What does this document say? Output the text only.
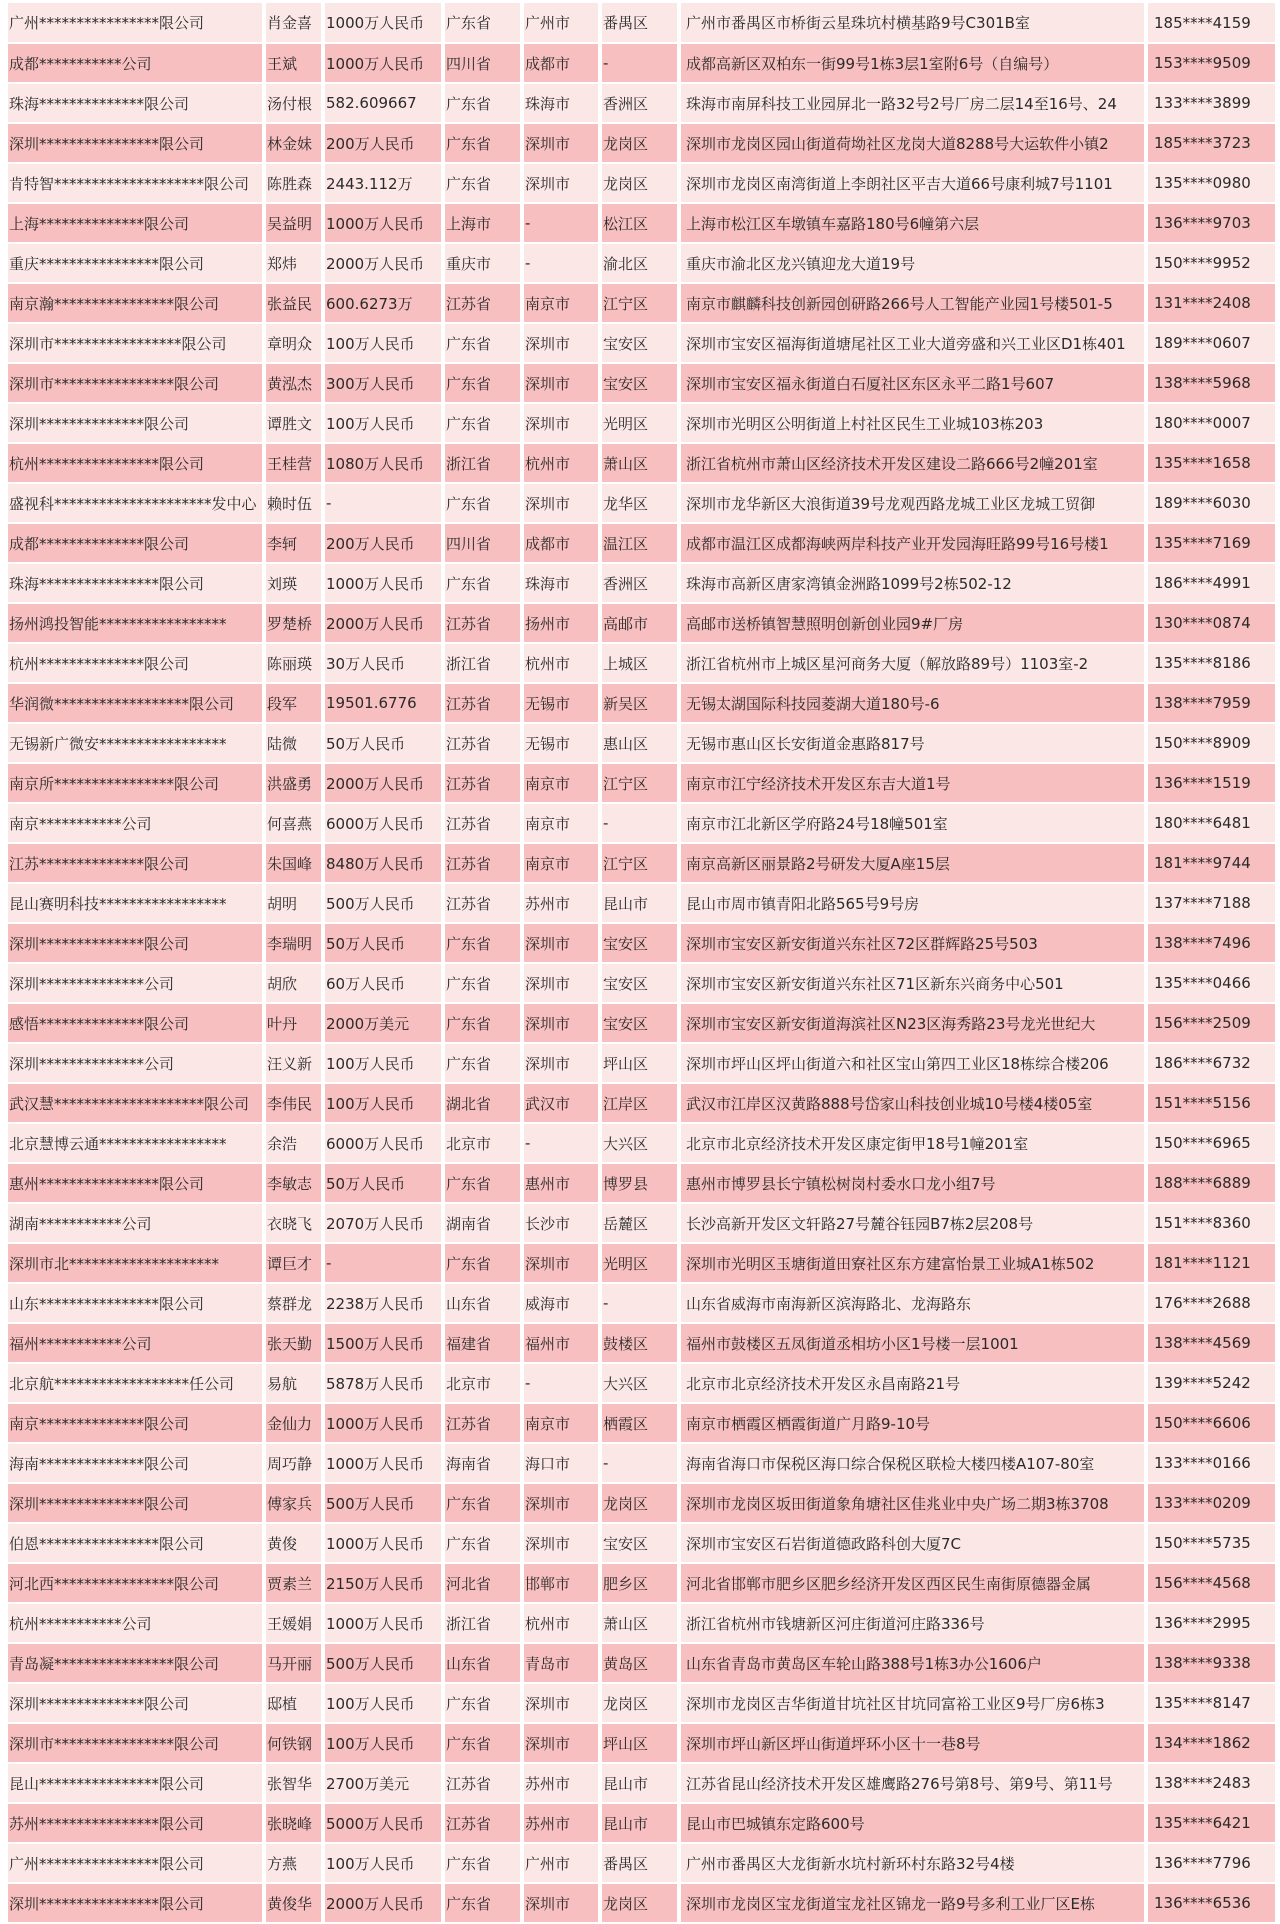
广州****************限公司	肖金喜	1000万人民币	广东省	广州市	番禺区	广州市番禺区市桥街云星珠坑村横基路9号C301B室	185****4159
成都***********公司	王斌	1000万人民币	四川省	成都市	-	成都高新区双柏东一街99号1栋3层1室附6号（自编号）	153****9509
珠海**************限公司	汤付根	582.609667	广东省	珠海市	香洲区	珠海市南屏科技工业园屏北一路32号2号厂房二层14至16号、24	133****3899
深圳****************限公司	林金妹	200万人民币	广东省	深圳市	龙岗区	深圳市龙岗区园山街道荷坳社区龙岗大道8288号大运软件小镇2	185****3723
肯特智********************限公司	陈胜森	2443.112万	广东省	深圳市	龙岗区	深圳市龙岗区南湾街道上李朗社区平吉大道66号康利城7号1101	135****0980
上海**************限公司	吴益明	1000万人民币	上海市	-	松江区	上海市松江区车墩镇车嘉路180号6幢第六层	136****9703
重庆****************限公司	郑炜	2000万人民币	重庆市	-	渝北区	重庆市渝北区龙兴镇迎龙大道19号	150****9952
南京瀚****************限公司	张益民	600.6273万	江苏省	南京市	江宁区	南京市麒麟科技创新园创研路266号人工智能产业园1号楼501-5	131****2408
深圳市*****************限公司	章明众	100万人民币	广东省	深圳市	宝安区	深圳市宝安区福海街道塘尾社区工业大道旁盛和兴工业区D1栋401	189****0607
深圳市****************限公司	黄泓杰	300万人民币	广东省	深圳市	宝安区	深圳市宝安区福永街道白石厦社区东区永平二路1号607	138****5968
深圳**************限公司	谭胜文	100万人民币	广东省	深圳市	光明区	深圳市光明区公明街道上村社区民生工业城103栋203	180****0007
杭州****************限公司	王桂营	1080万人民币	浙江省	杭州市	萧山区	浙江省杭州市萧山区经济技术开发区建设二路666号2幢201室	135****1658
盛视科*********************发中心	赖时伍	-	广东省	深圳市	龙华区	深圳市龙华新区大浪街道39号龙观西路龙城工业区龙城工贸御	189****6030
成都**************限公司	李轲	200万人民币	四川省	成都市	温江区	成都市温江区成都海峡两岸科技产业开发园海旺路99号16号楼1	135****7169
珠海****************限公司	刘瑛	1000万人民币	广东省	珠海市	香洲区	珠海市高新区唐家湾镇金洲路1099号2栋502-12	186****4991
扬州鸿投智能*****************	罗楚桥	2000万人民币	江苏省	扬州市	高邮市	高邮市送桥镇智慧照明创新创业园9#厂房	130****0874
杭州**************限公司	陈丽瑛	30万人民币	浙江省	杭州市	上城区	浙江省杭州市上城区星河商务大厦（解放路89号）1103室-2	135****8186
华润微******************限公司	段军	19501.6776	江苏省	无锡市	新吴区	无锡太湖国际科技园菱湖大道180号-6	138****7959
无锡新广微安*****************	陆微	50万人民币	江苏省	无锡市	惠山区	无锡市惠山区长安街道金惠路817号	150****8909
南京所****************限公司	洪盛勇	2000万人民币	江苏省	南京市	江宁区	南京市江宁经济技术开发区东吉大道1号	136****1519
南京***********公司	何喜燕	6000万人民币	江苏省	南京市	-	南京市江北新区学府路24号18幢501室	180****6481
江苏**************限公司	朱国峰	8480万人民币	江苏省	南京市	江宁区	南京高新区丽景路2号研发大厦A座15层	181****9744
昆山赛明科技*****************	胡明	500万人民币	江苏省	苏州市	昆山市	昆山市周市镇青阳北路565号9号房	137****7188
深圳**************限公司	李瑞明	50万人民币	广东省	深圳市	宝安区	深圳市宝安区新安街道兴东社区72区群辉路25号503	138****7496
深圳**************公司	胡欣	60万人民币	广东省	深圳市	宝安区	深圳市宝安区新安街道兴东社区71区新东兴商务中心501	135****0466
感悟**************限公司	叶丹	2000万美元	广东省	深圳市	宝安区	深圳市宝安区新安街道海滨社区N23区海秀路23号龙光世纪大	156****2509
深圳**************公司	汪义新	100万人民币	广东省	深圳市	坪山区	深圳市坪山区坪山街道六和社区宝山第四工业区18栋综合楼206	186****6732
武汉慧********************限公司	李伟民	100万人民币	湖北省	武汉市	江岸区	武汉市江岸区汉黄路888号岱家山科技创业城10号楼4楼05室	151****5156
北京慧博云通*****************	余浩	6000万人民币	北京市	-	大兴区	北京市北京经济技术开发区康定街甲18号1幢201室	150****6965
惠州****************限公司	李敏志	50万人民币	广东省	惠州市	博罗县	惠州市博罗县长宁镇松树岗村委水口龙小组7号	188****6889
湖南***********公司	衣晓飞	2070万人民币	湖南省	长沙市	岳麓区	长沙高新开发区文轩路27号麓谷钰园B7栋2层208号	151****8360
深圳市北********************	谭巨才	-	广东省	深圳市	光明区	深圳市光明区玉塘街道田寮社区东方建富怡景工业城A1栋502	181****1121
山东****************限公司	蔡群龙	2238万人民币	山东省	威海市	-	山东省威海市南海新区滨海路北、龙海路东	176****2688
福州***********公司	张天勤	1500万人民币	福建省	福州市	鼓楼区	福州市鼓楼区五凤街道丞相坊小区1号楼一层1001	138****4569
北京航******************任公司	易航	5878万人民币	北京市	-	大兴区	北京市北京经济技术开发区永昌南路21号	139****5242
南京**************限公司	金仙力	1000万人民币	江苏省	南京市	栖霞区	南京市栖霞区栖霞街道广月路9-10号	150****6606
海南**************限公司	周巧静	1000万人民币	海南省	海口市	-	海南省海口市保税区海口综合保税区联检大楼四楼A107-80室	133****0166
深圳**************限公司	傅家兵	500万人民币	广东省	深圳市	龙岗区	深圳市龙岗区坂田街道象角塘社区佳兆业中央广场二期3栋3708	133****0209
伯恩****************限公司	黄俊	1000万人民币	广东省	深圳市	宝安区	深圳市宝安区石岩街道德政路科创大厦7C	150****5735
河北西****************限公司	贾素兰	2150万人民币	河北省	邯郸市	肥乡区	河北省邯郸市肥乡区肥乡经济开发区西区民生南街原德器金属	156****4568
杭州***********公司	王媛娟	1000万人民币	浙江省	杭州市	萧山区	浙江省杭州市钱塘新区河庄街道河庄路336号	136****2995
青岛凝****************限公司	马开丽	500万人民币	山东省	青岛市	黄岛区	山东省青岛市黄岛区车轮山路388号1栋3办公1606户	138****9338
深圳**************限公司	邸植	100万人民币	广东省	深圳市	龙岗区	深圳市龙岗区吉华街道甘坑社区甘坑同富裕工业区9号厂房6栋3	135****8147
深圳市****************限公司	何铁钢	100万人民币	广东省	深圳市	坪山区	深圳市坪山新区坪山街道坪环小区十一巷8号	134****1862
昆山****************限公司	张智华	2700万美元	江苏省	苏州市	昆山市	江苏省昆山经济技术开发区雄鹰路276号第8号、第9号、第11号	138****2483
苏州****************限公司	张晓峰	5000万人民币	江苏省	苏州市	昆山市	昆山市巴城镇东定路600号	135****6421
广州****************限公司	方燕	100万人民币	广东省	广州市	番禺区	广州市番禺区大龙街新水坑村新环村东路32号4楼	136****7796
深圳****************限公司	黄俊华	2000万人民币	广东省	深圳市	龙岗区	深圳市龙岗区宝龙街道宝龙社区锦龙一路9号多利工业厂区E栋	136****6536
